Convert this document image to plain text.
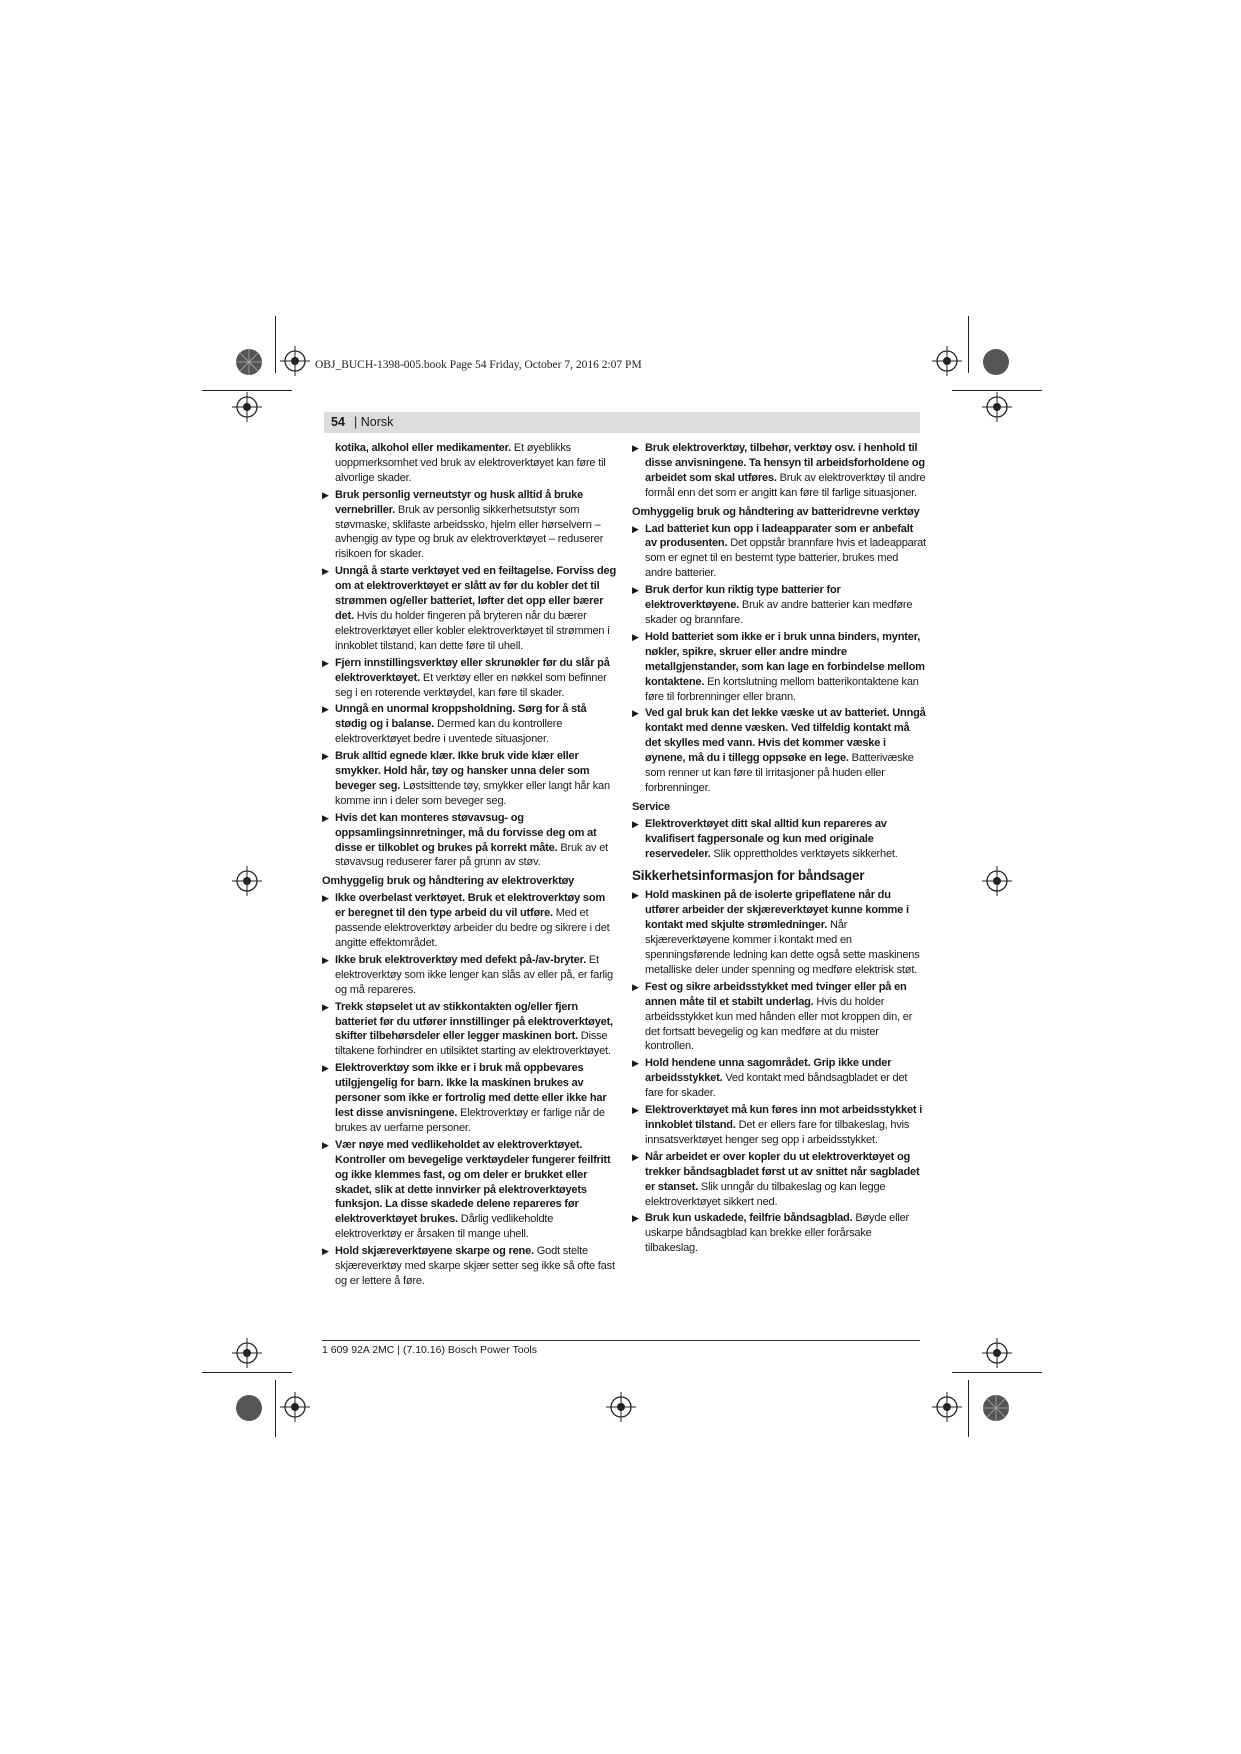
OBJ_BUCH-1398-005.book Page 54 Friday, October 7, 2016 2:07 PM
54 | Norsk
kotika, alkohol eller medikamenter. Et øyeblikks uoppmerksomhet ved bruk av elektroverktøyet kan føre til alvorlige skader.
▶ Bruk personlig verneutstyr og husk alltid å bruke vernebriller. Bruk av personlig sikkerhetsutstyr som støvmaske, sklifaste arbeidssko, hjelm eller hørselvern – avhengig av type og bruk av elektroverktøyet – reduserer risikoen for skader.
▶ Unngå å starte verktøyet ved en feiltagelse. Forviss deg om at elektroverktøyet er slått av før du kobler det til strømmen og/eller batteriet, løfter det opp eller bærer det. Hvis du holder fingeren på bryteren når du bærer elektroverktøyet eller kobler elektroverktøyet til strømmen i innkoblet tilstand, kan dette føre til uhell.
▶ Fjern innstillingsverktøy eller skrunøkler før du slår på elektroverktøyet. Et verktøy eller en nøkkel som befinner seg i en roterende verktøydel, kan føre til skader.
▶ Unngå en unormal kroppsholdning. Sørg for å stå stødig og i balanse. Dermed kan du kontrollere elektroverktøyet bedre i uventede situasjoner.
▶ Bruk alltid egnede klær. Ikke bruk vide klær eller smykker. Hold hår, tøy og hansker unna deler som beveger seg. Løstsittende tøy, smykker eller langt hår kan komme inn i deler som beveger seg.
▶ Hvis det kan monteres støvavsug- og oppsamlingsinnretninger, må du forvisse deg om at disse er tilkoblet og brukes på korrekt måte. Bruk av et støvavsug reduserer farer på grunn av støv.
Omhyggelig bruk og håndtering av elektroverktøy
▶ Ikke overbelast verktøyet. Bruk et elektroverktøy som er beregnet til den type arbeid du vil utføre. Med et passende elektroverktøy arbeider du bedre og sikrere i det angitte effektområdet.
▶ Ikke bruk elektroverktøy med defekt på-/av-bryter. Et elektroverktøy som ikke lenger kan slås av eller på, er farlig og må repareres.
▶ Trekk støpselet ut av stikkontakten og/eller fjern batteriet før du utfører innstillinger på elektroverktøyet, skifter tilbehørsdeler eller legger maskinen bort. Disse tiltakene forhindrer en utilsiktet starting av elektroverktøyet.
▶ Elektroverktøy som ikke er i bruk må oppbevares utilgjengelig for barn. Ikke la maskinen brukes av personer som ikke er fortrolig med dette eller ikke har lest disse anvisningene. Elektroverktøy er farlige når de brukes av uerfarne personer.
▶ Vær nøye med vedlikeholdet av elektroverktøyet. Kontroller om bevegelige verktøydeler fungerer feilfritt og ikke klemmes fast, og om deler er brukket eller skadet, slik at dette innvirker på elektroverktøyets funksjon. La disse skadede delene repareres før elektroverktøyet brukes. Dårlig vedlikeholdte elektroverktøy er årsaken til mange uhell.
▶ Hold skjæreverktøyene skarpe og rene. Godt stelte skjæreverktøy med skarpe skjær setter seg ikke så ofte fast og er lettere å føre.
▶ Bruk elektroverktøy, tilbehør, verktøy osv. i henhold til disse anvisningene. Ta hensyn til arbeidsforholdene og arbeidet som skal utføres. Bruk av elektroverktøy til andre formål enn det som er angitt kan føre til farlige situasjoner.
Omhyggelig bruk og håndtering av batteridrevne verktøy
▶ Lad batteriet kun opp i ladeapparater som er anbefalt av produsenten. Det oppstår brannfare hvis et ladeapparat som er egnet til en bestemt type batterier, brukes med andre batterier.
▶ Bruk derfor kun riktig type batterier for elektroverktøyene. Bruk av andre batterier kan medføre skader og brannfare.
▶ Hold batteriet som ikke er i bruk unna binders, mynter, nøkler, spikre, skruer eller andre mindre metallgjenstander, som kan lage en forbindelse mellom kontaktene. En kortslutning mellom batterikontaktene kan føre til forbrenninger eller brann.
▶ Ved gal bruk kan det lekke væske ut av batteriet. Unngå kontakt med denne væsken. Ved tilfeldig kontakt må det skylles med vann. Hvis det kommer væske i øynene, må du i tillegg oppsøke en lege. Batterivæske som renner ut kan føre til irritasjoner på huden eller forbrenninger.
Service
▶ Elektroverktøyet ditt skal alltid kun repareres av kvalifisert fagpersonale og kun med originale reservedeler. Slik opprettholdes verktøyets sikkerhet.
Sikkerhetsinformasjon for båndsager
▶ Hold maskinen på de isolerte gripeflatene når du utfører arbeider der skjæreverktøyet kunne komme i kontakt med skjulte strømledninger. Når skjæreverktøyene kommer i kontakt med en spenningsførende ledning kan dette også sette maskinens metalliske deler under spenning og medføre elektrisk støt.
▶ Fest og sikre arbeidsstykket med tvinger eller på en annen måte til et stabilt underlag. Hvis du holder arbeidsstykket kun med hånden eller mot kroppen din, er det fortsatt bevegelig og kan medføre at du mister kontrollen.
▶ Hold hendene unna sagområdet. Grip ikke under arbeidsstykket. Ved kontakt med båndsagbladet er det fare for skader.
▶ Elektroverktøyet må kun føres inn mot arbeidsstykket i innkoblet tilstand. Det er ellers fare for tilbakeslag, hvis innsatsverktøyet henger seg opp i arbeidsstykket.
▶ Når arbeidet er over kopler du ut elektroverktøyet og trekker båndsagbladet først ut av snittet når sagbladet er stanset. Slik unngår du tilbakeslag og kan legge elektroverktøyet sikkert ned.
▶ Bruk kun uskadede, feilfrie båndsagblad. Bøyde eller uskarpe båndsagblad kan brekke eller forårsake tilbakeslag.
1 609 92A 2MC | (7.10.16) Bosch Power Tools
